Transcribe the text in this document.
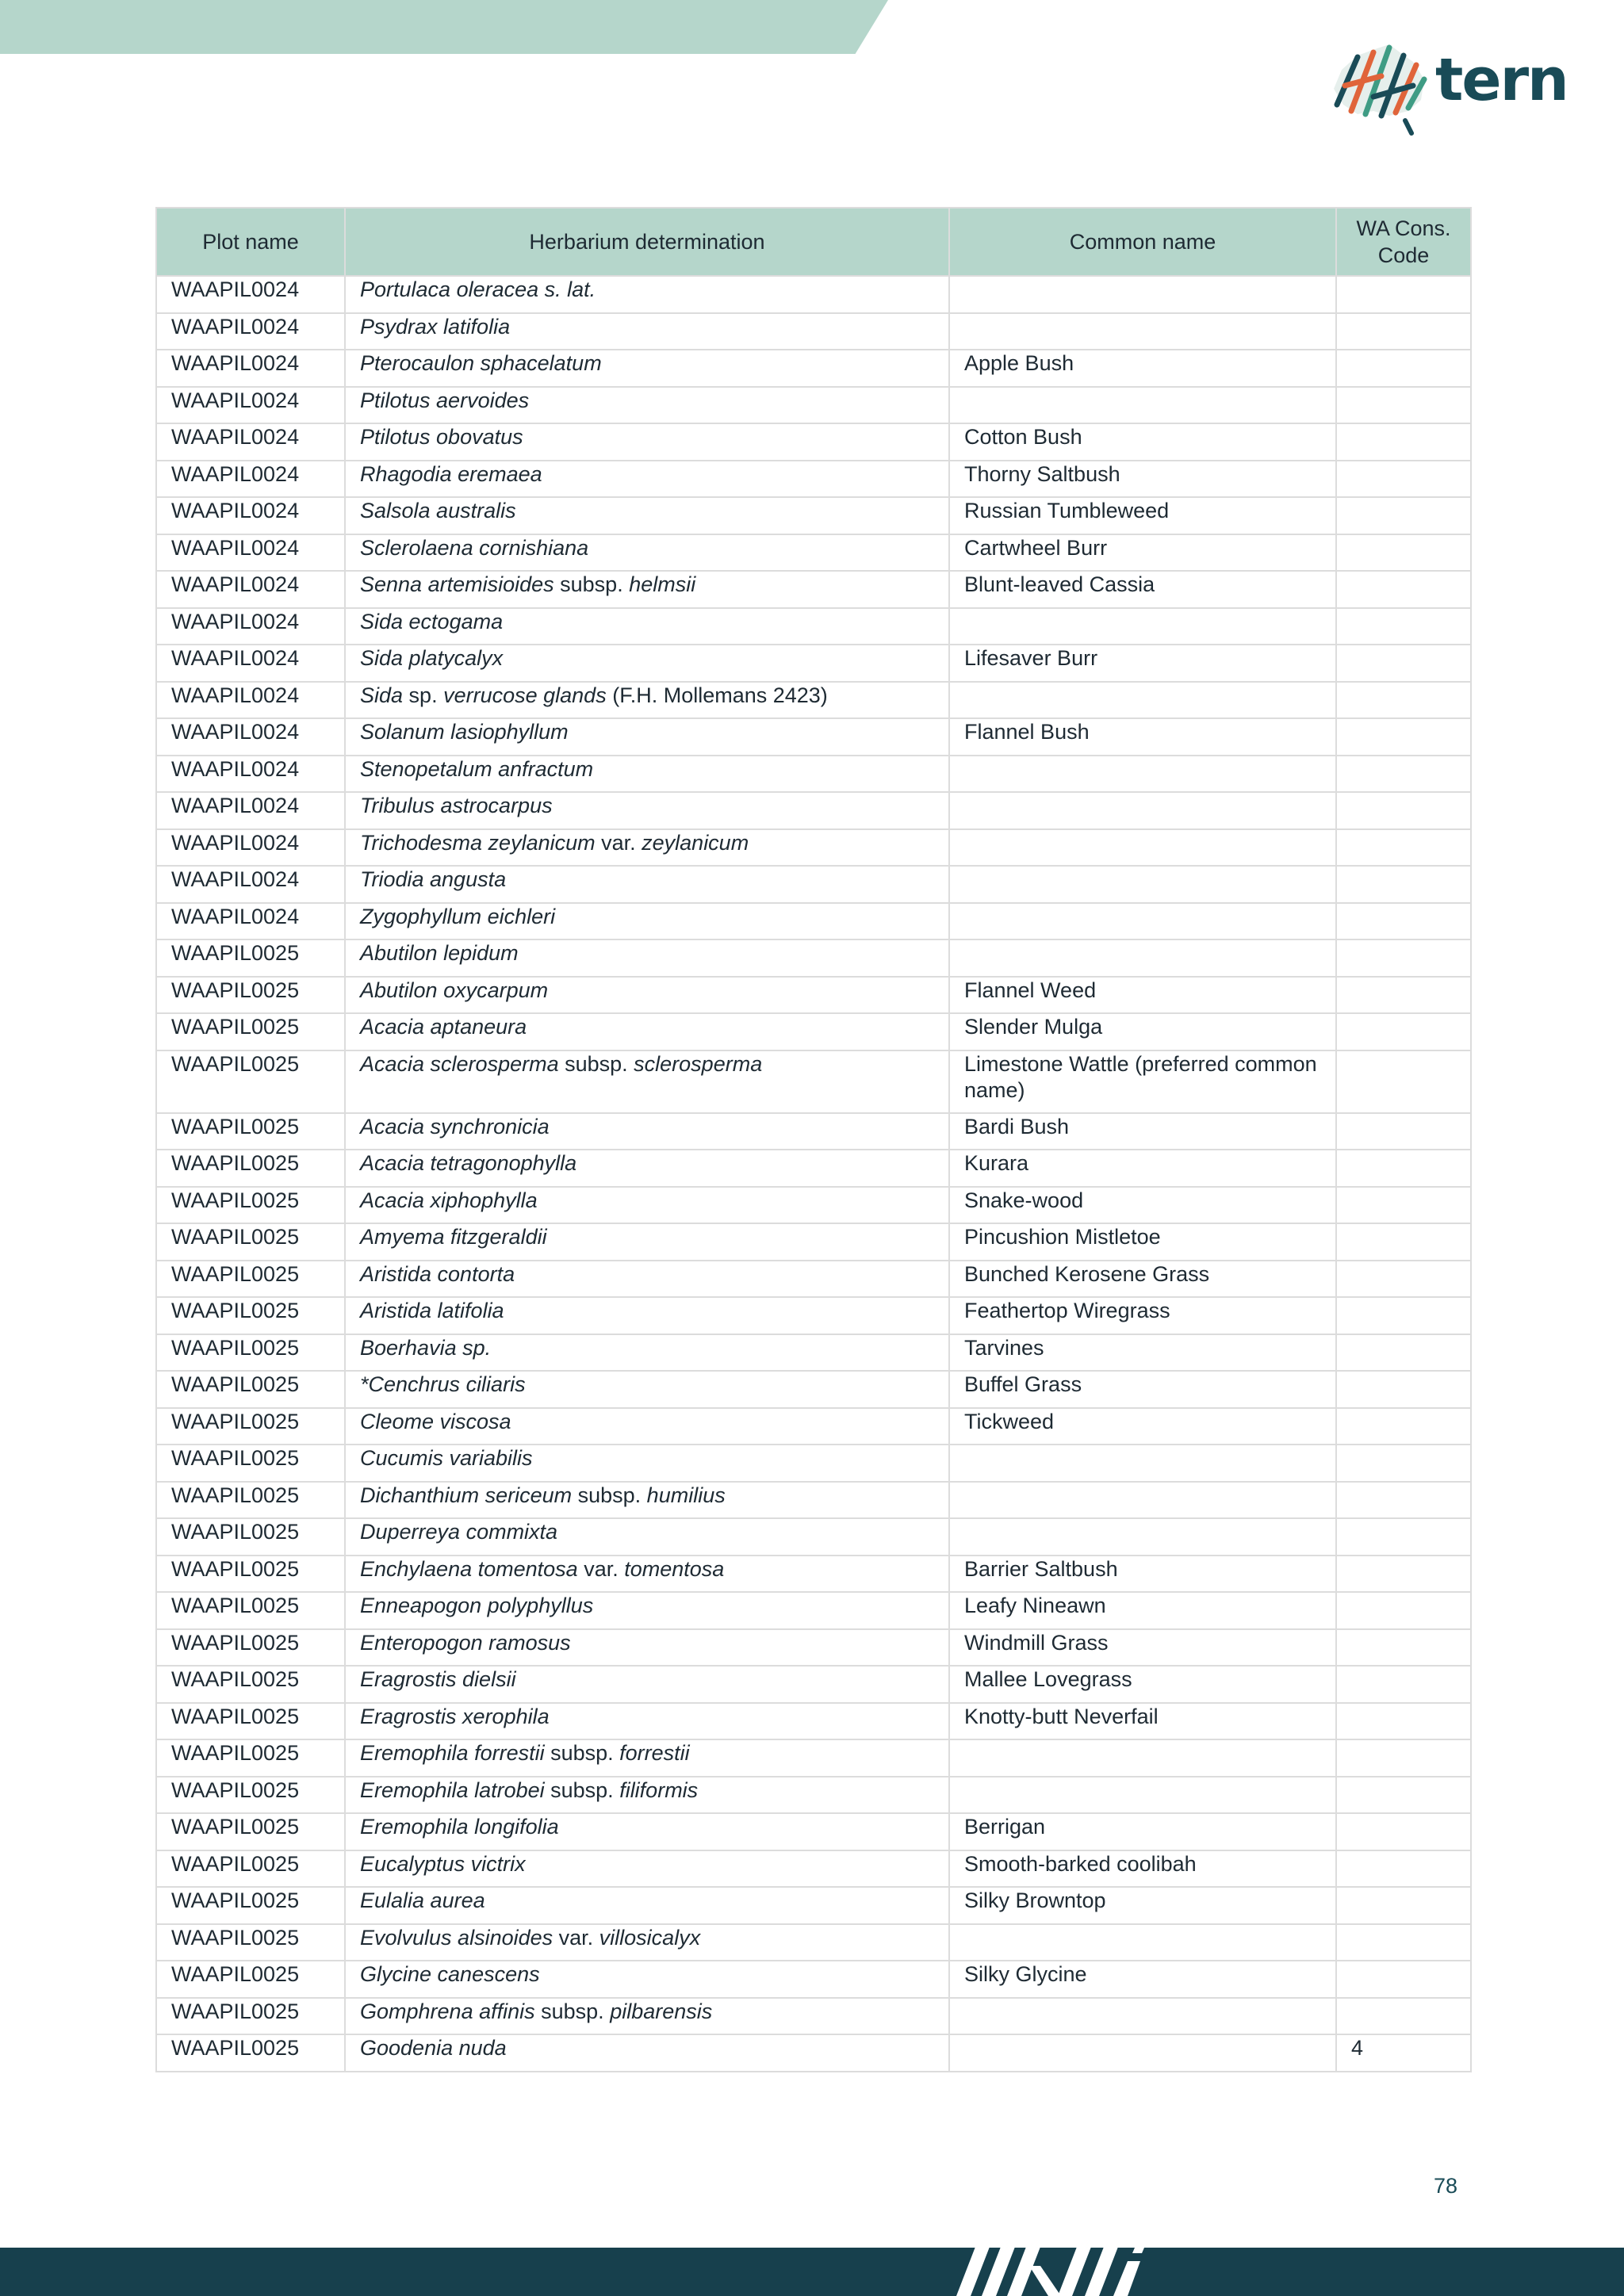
tern
Plot name	Herbarium determination	Common name	WA Cons.
Code
WAAPIL0024	Portulaca oleracea s. lat.		
WAAPIL0024	Psydrax latifolia		
WAAPIL0024	Pterocaulon sphacelatum	Apple Bush	
WAAPIL0024	Ptilotus aervoides		
WAAPIL0024	Ptilotus obovatus	Cotton Bush	
WAAPIL0024	Rhagodia eremaea	Thorny Saltbush	
WAAPIL0024	Salsola australis	Russian Tumbleweed	
WAAPIL0024	Sclerolaena cornishiana	Cartwheel Burr	
WAAPIL0024	Senna artemisioides subsp. helmsii	Blunt-leaved Cassia	
WAAPIL0024	Sida ectogama		
WAAPIL0024	Sida platycalyx	Lifesaver Burr	
WAAPIL0024	Sida sp. verrucose glands (F.H. Mollemans 2423)		
WAAPIL0024	Solanum lasiophyllum	Flannel Bush	
WAAPIL0024	Stenopetalum anfractum		
WAAPIL0024	Tribulus astrocarpus		
WAAPIL0024	Trichodesma zeylanicum var. zeylanicum		
WAAPIL0024	Triodia angusta		
WAAPIL0024	Zygophyllum eichleri		
WAAPIL0025	Abutilon lepidum		
WAAPIL0025	Abutilon oxycarpum	Flannel Weed	
WAAPIL0025	Acacia aptaneura	Slender Mulga	
WAAPIL0025	Acacia sclerosperma subsp. sclerosperma	Limestone Wattle (preferred common name)	
WAAPIL0025	Acacia synchronicia	Bardi Bush	
WAAPIL0025	Acacia tetragonophylla	Kurara	
WAAPIL0025	Acacia xiphophylla	Snake-wood	
WAAPIL0025	Amyema fitzgeraldii	Pincushion Mistletoe	
WAAPIL0025	Aristida contorta	Bunched Kerosene Grass	
WAAPIL0025	Aristida latifolia	Feathertop Wiregrass	
WAAPIL0025	Boerhavia sp.	Tarvines	
WAAPIL0025	*Cenchrus ciliaris	Buffel Grass	
WAAPIL0025	Cleome viscosa	Tickweed	
WAAPIL0025	Cucumis variabilis		
WAAPIL0025	Dichanthium sericeum subsp. humilius		
WAAPIL0025	Duperreya commixta		
WAAPIL0025	Enchylaena tomentosa var. tomentosa	Barrier Saltbush	
WAAPIL0025	Enneapogon polyphyllus	Leafy Nineawn	
WAAPIL0025	Enteropogon ramosus	Windmill Grass	
WAAPIL0025	Eragrostis dielsii	Mallee Lovegrass	
WAAPIL0025	Eragrostis xerophila	Knotty-butt Neverfail	
WAAPIL0025	Eremophila forrestii subsp. forrestii		
WAAPIL0025	Eremophila latrobei subsp. filiformis		
WAAPIL0025	Eremophila longifolia	Berrigan	
WAAPIL0025	Eucalyptus victrix	Smooth-barked coolibah	
WAAPIL0025	Eulalia aurea	Silky Browntop	
WAAPIL0025	Evolvulus alsinoides var. villosicalyx		
WAAPIL0025	Glycine canescens	Silky Glycine	
WAAPIL0025	Gomphrena affinis subsp. pilbarensis		
WAAPIL0025	Goodenia nuda		4
78
